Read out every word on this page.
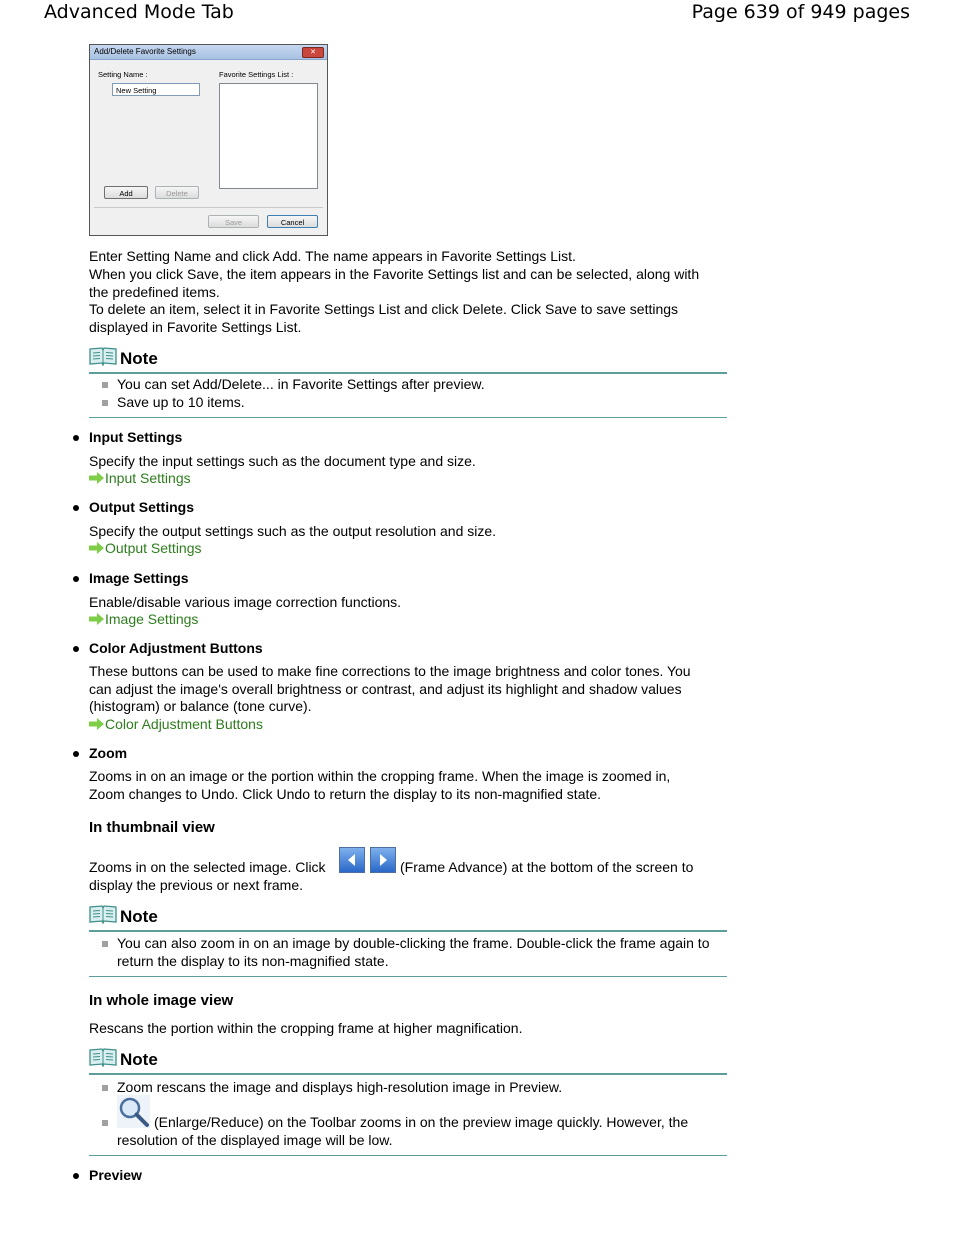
Advanced Mode Tab	Page 639 of 949 pages
Add/Delete Favorite Settings	✕
Setting Name :
New Setting
Favorite Settings List :
Add	Delete
Save	Cancel
Enter Setting Name and click Add. The name appears in Favorite Settings List.
When you click Save, the item appears in the Favorite Settings list and can be selected, along with the predefined items.
To delete an item, select it in Favorite Settings List and click Delete. Click Save to save settings displayed in Favorite Settings List.
Note
You can set Add/Delete... in Favorite Settings after preview.
Save up to 10 items.
Input Settings
Specify the input settings such as the document type and size.
Input Settings
Output Settings
Specify the output settings such as the output resolution and size.
Output Settings
Image Settings
Enable/disable various image correction functions.
Image Settings
Color Adjustment Buttons
These buttons can be used to make fine corrections to the image brightness and color tones. You can adjust the image's overall brightness or contrast, and adjust its highlight and shadow values (histogram) or balance (tone curve).
Color Adjustment Buttons
Zoom
Zooms in on an image or the portion within the cropping frame. When the image is zoomed in, Zoom changes to Undo. Click Undo to return the display to its non-magnified state.
In thumbnail view
Zooms in on the selected image. Click	(Frame Advance) at the bottom of the screen to
display the previous or next frame.
Note
You can also zoom in on an image by double-clicking the frame. Double-click the frame again to return the display to its non-magnified state.
In whole image view
Rescans the portion within the cropping frame at higher magnification.
Note
Zoom rescans the image and displays high-resolution image in Preview.
(Enlarge/Reduce) on the Toolbar zooms in on the preview image quickly. However, the
resolution of the displayed image will be low.
Preview
